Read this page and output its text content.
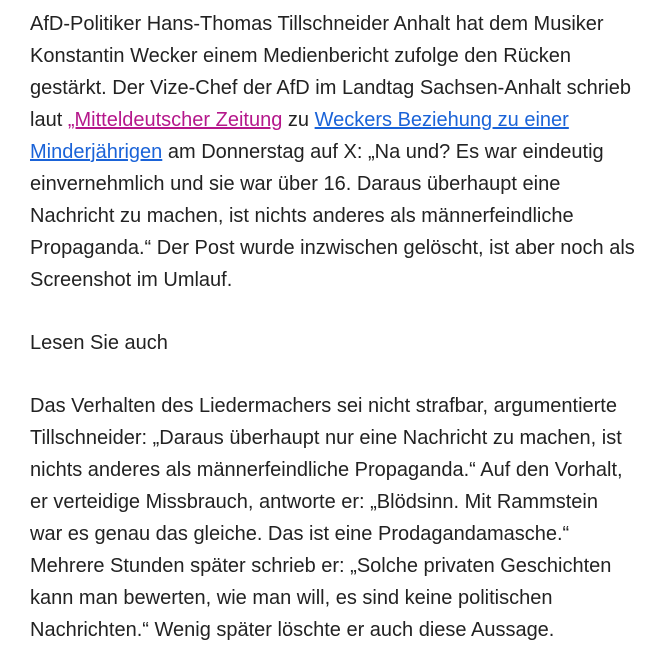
AfD-Politiker Hans-Thomas Tillschneider Anhalt hat dem Musiker Konstantin Wecker einem Medienbericht zufolge den Rücken gestärkt. Der Vize-Chef der AfD im Landtag Sachsen-Anhalt schrieb laut „Mitteldeutscher Zeitung zu Weckers Beziehung zu einer Minderjährigen am Donnerstag auf X: „Na und? Es war eindeutig einvernehmlich und sie war über 16. Daraus überhaupt eine Nachricht zu machen, ist nichts anderes als männerfeindliche Propaganda.“ Der Post wurde inzwischen gelöscht, ist aber noch als Screenshot im Umlauf.

Lesen Sie auch

Das Verhalten des Liedermachers sei nicht strafbar, argumentierte Tillschneider: „Daraus überhaupt nur eine Nachricht zu machen, ist nichts anderes als männerfeindliche Propaganda.“ Auf den Vorhalt, er verteidige Missbrauch, antworte er: „Blödsinn. Mit Rammstein war es genau das gleiche. Das ist eine Prodagandamasche.“ Mehrere Stunden später schrieb er: „Solche privaten Geschichten kann man bewerten, wie man will, es sind keine politischen Nachrichten.“ Wenig später löschte er auch diese Aussage.
